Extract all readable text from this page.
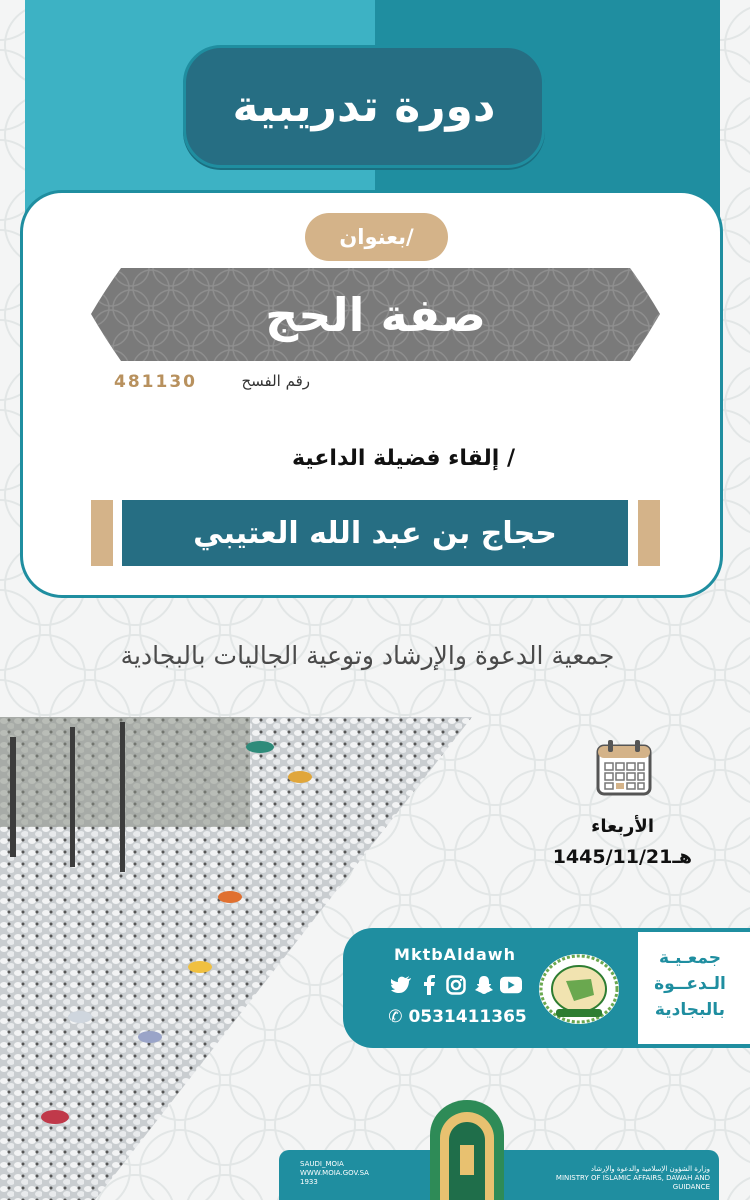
دورة تدريبية
بعنوان/
صفة الحج
رقم الفسح
481130
إلقاء فضيلة الداعية /
حجاج بن عبد الله العتيبي
جمعية الدعوة والإرشاد وتوعية الجاليات بالبجادية
الأربعاء
1445/11/21هـ
جمعـيـة
الـدعــوة
بالبجادية
MktbAldawh
✆ 0531411365
SAUDI_MOIA
WWW.MOIA.GOV.SA
1933
وزارة الشؤون الإسلامية والدعوة والإرشاد
MINISTRY OF ISLAMIC AFFAIRS, DAWAH AND GUIDANCE
